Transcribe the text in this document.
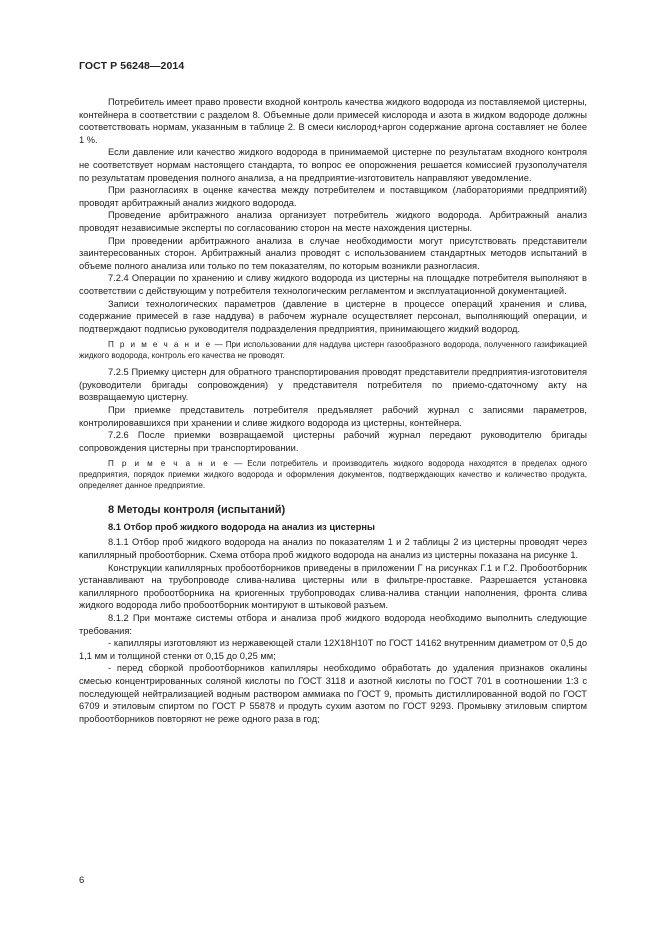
ГОСТ Р 56248—2014

Потребитель имеет право провести входной контроль качества жидкого водорода из поставляемой цистерны, контейнера в соответствии с разделом 8. Объемные доли примесей кислорода и азота в жидком водороде должны соответствовать нормам, указанным в таблице 2. В смеси кислород+аргон содержание аргона составляет не более 1 %.

Если давление или качество жидкого водорода в принимаемой цистерне по результатам входного контроля не соответствует нормам настоящего стандарта, то вопрос ее опорожнения решается комиссией грузополучателя по результатам проведения полного анализа, а на предприятие-изготовитель направляют уведомление.

При разногласиях в оценке качества между потребителем и поставщиком (лабораториями предприятий) проводят арбитражный анализ жидкого водорода.

Проведение арбитражного анализа организует потребитель жидкого водорода. Арбитражный анализ проводят независимые эксперты по согласованию сторон на месте нахождения цистерны.

При проведении арбитражного анализа в случае необходимости могут присутствовать представители заинтересованных сторон. Арбитражный анализ проводят с использованием стандартных методов испытаний в объеме полного анализа или только по тем показателям, по которым возникли разногласия.

7.2.4 Операции по хранению и сливу жидкого водорода из цистерны на площадке потребителя выполняют в соответствии с действующим у потребителя технологическим регламентом и эксплуатационной документацией.

Записи технологических параметров (давление в цистерне в процессе операций хранения и слива, содержание примесей в газе наддува) в рабочем журнале осуществляет персонал, выполняющий операции, и подтверждают подписью руководителя подразделения предприятия, принимающего жидкий водород.

П р и м е ч а н и е — При использовании для наддува цистерн газообразного водорода, полученного газификацией жидкого водорода, контроль его качества не проводят.

7.2.5 Приемку цистерн для обратного транспортирования проводят представители предприятия-изготовителя (руководители бригады сопровождения) у представителя потребителя по приемо-сдаточному акту на возвращаемую цистерну.

При приемке представитель потребителя предъявляет рабочий журнал с записями параметров, контролировавшихся при хранении и сливе жидкого водорода из цистерны, контейнера.

7.2.6 После приемки возвращаемой цистерны рабочий журнал передают руководителю бригады сопровождения цистерны при транспортировании.

П р и м е ч а н и е — Если потребитель и производитель жидкого водорода находятся в пределах одного предприятия, порядок приемки жидкого водорода и оформления документов, подтверждающих качество и количество продукта, определяет данное предприятие.

8 Методы контроля (испытаний)
8.1 Отбор проб жидкого водорода на анализ из цистерны

8.1.1 Отбор проб жидкого водорода на анализ по показателям 1 и 2 таблицы 2 из цистерны проводят через капиллярный пробоотборник. Схема отбора проб жидкого водорода на анализ из цистерны показана на рисунке 1.

Конструкции капиллярных пробоотборников приведены в приложении Г на рисунках Г.1 и Г.2. Пробоотборник устанавливают на трубопроводе слива-налива цистерны или в фильтре-проставке. Разрешается установка капиллярного пробоотборника на криогенных трубопроводах слива-налива станции наполнения, фронта слива жидкого водорода либо пробоотборник монтируют в штыковой разъем.

8.1.2 При монтаже системы отбора и анализа проб жидкого водорода необходимо выполнить следующие требования:

- капилляры изготовляют из нержавеющей стали 12Х18Н10Т по ГОСТ 14162 внутренним диаметром от 0,5 до 1,1 мм и толщиной стенки от 0,15 до 0,25 мм;

- перед сборкой пробоотборников капилляры необходимо обработать до удаления признаков окалины смесью концентрированных соляной кислоты по ГОСТ 3118 и азотной кислоты по ГОСТ 701 в соотношении 1:3 с последующей нейтрализацией водным раствором аммиака по ГОСТ 9, промыть дистиллированной водой по ГОСТ 6709 и этиловым спиртом по ГОСТ Р 55878 и продуть сухим азотом по ГОСТ 9293. Промывку этиловым спиртом пробоотборников повторяют не реже одного раза в год;

6
